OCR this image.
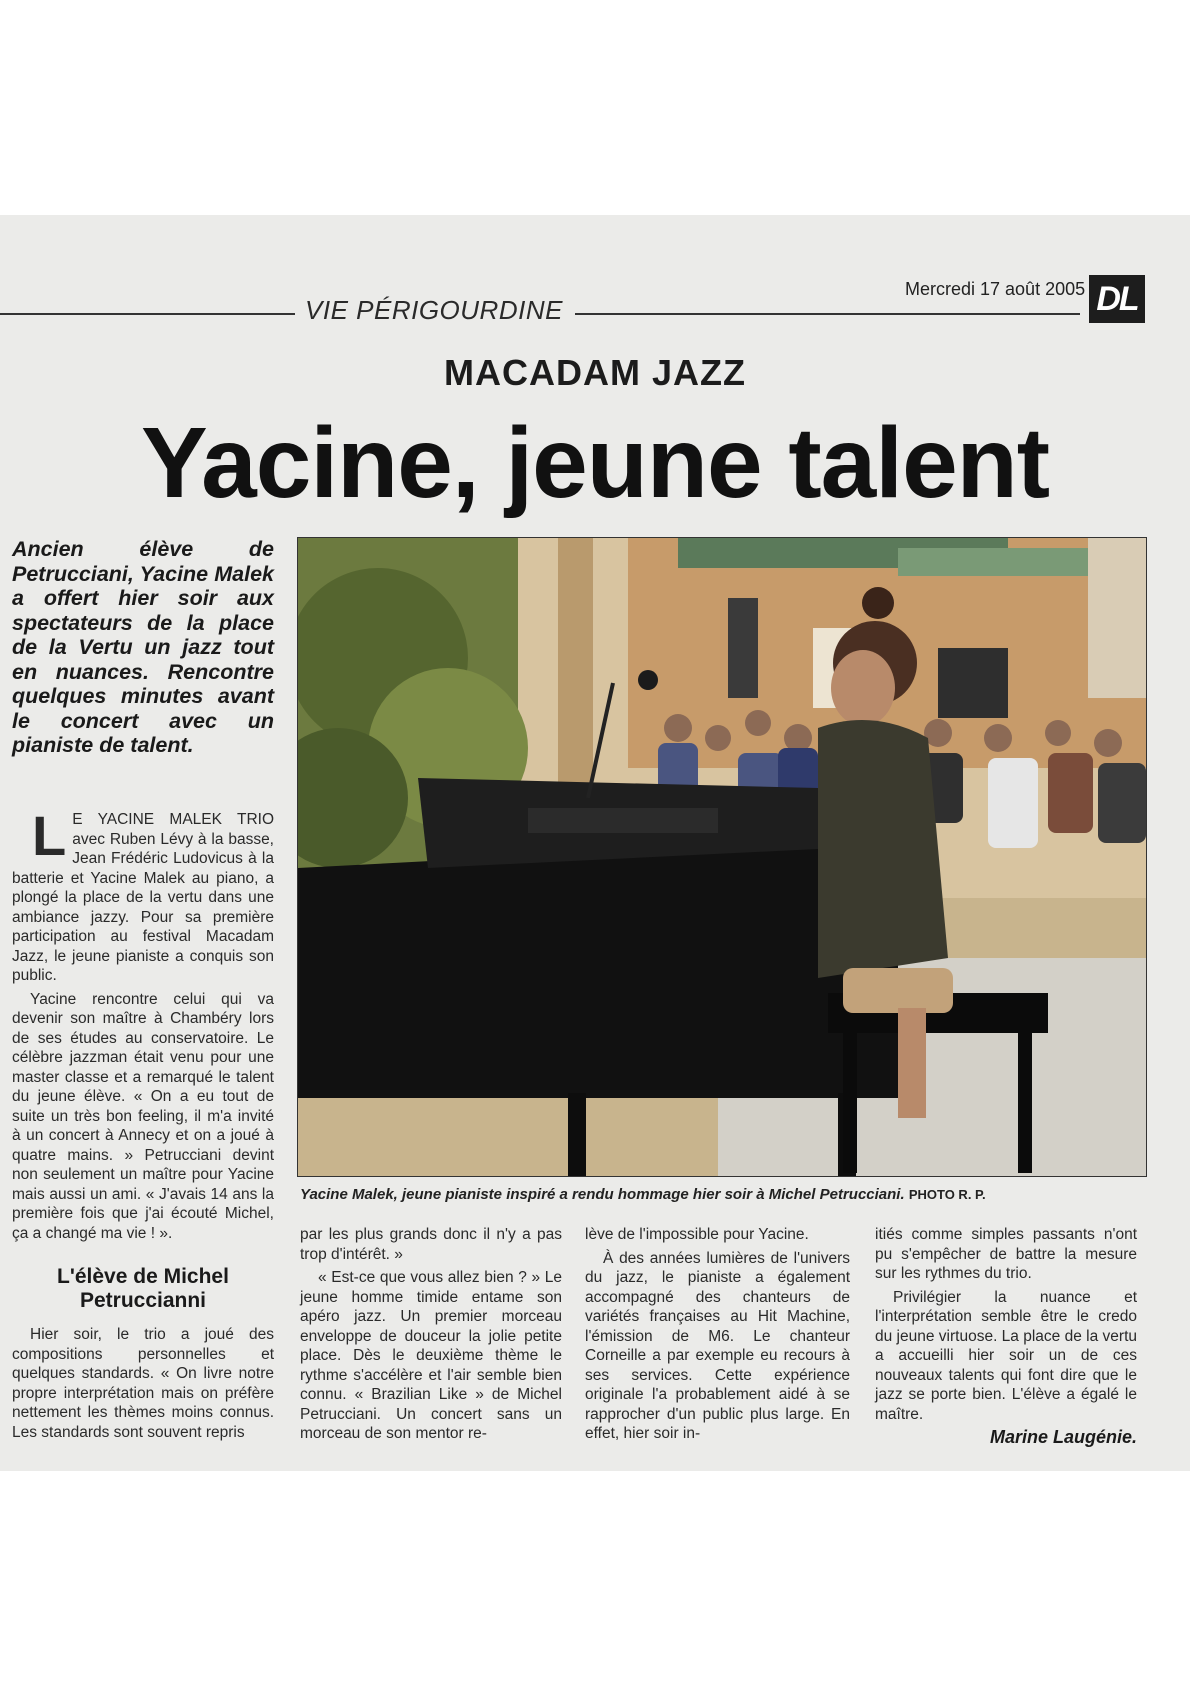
Mercredi 17 août 2005 DL
VIE PÉRIGOURDINE
MACADAM JAZZ
Yacine, jeune talent
Ancien élève de Petrucciani, Yacine Malek a offert hier soir aux spectateurs de la place de la Vertu un jazz tout en nuances. Rencontre quelques minutes avant le concert avec un pianiste de talent.

L E YACINE MALEK TRIO avec Ruben Lévy à la basse, Jean Frédéric Ludovicus à la batterie et Yacine Malek au piano, a plongé la place de la vertu dans une ambiance jazzy. Pour sa première participation au festival Macadam Jazz, le jeune pianiste a conquis son public.

Yacine rencontre celui qui va devenir son maître à Chambéry lors de ses études au conservatoire. Le célèbre jazzman était venu pour une master classe et a remarqué le talent du jeune élève. « On a eu tout de suite un très bon feeling, il m'a invité à un concert à Annecy et on a joué à quatre mains. » Petrucciani devint non seulement un maître pour Yacine mais aussi un ami. « J'avais 14 ans la première fois que j'ai écouté Michel, ça a changé ma vie ! ».

L'élève de Michel Petruccianni

Hier soir, le trio a joué des compositions personnelles et quelques standards. « On livre notre propre interprétation mais on préfère nettement les thèmes moins connus. Les standards sont souvent repris

Yacine Malek, jeune pianiste inspiré a rendu hommage hier soir à Michel Petrucciani. PHOTO R. P.

par les plus grands donc il n'y a pas trop d'intérêt. »

« Est-ce que vous allez bien ? » Le jeune homme timide entame son apéro jazz. Un premier morceau enveloppe de douceur la jolie petite place. Dès le deuxième thème le rythme s'accélère et l'air semble bien connu. « Brazilian Like » de Michel Petrucciani. Un concert sans un morceau de son mentor re-

lève de l'impossible pour Yacine.

À des années lumières de l'univers du jazz, le pianiste a également accompagné des chanteurs de variétés françaises au Hit Machine, l'émission de M6. Le chanteur Corneille a par exemple eu recours à ses services. Cette expérience originale l'a probablement aidé à se rapprocher d'un public plus large. En effet, hier soir in-

itiés comme simples passants n'ont pu s'empêcher de battre la mesure sur les rythmes du trio.

Privilégier la nuance et l'interprétation semble être le credo du jeune virtuose. La place de la vertu a accueilli hier soir un de ces nouveaux talents qui font dire que le jazz se porte bien. L'élève a égalé le maître.

Marine Laugénie.
